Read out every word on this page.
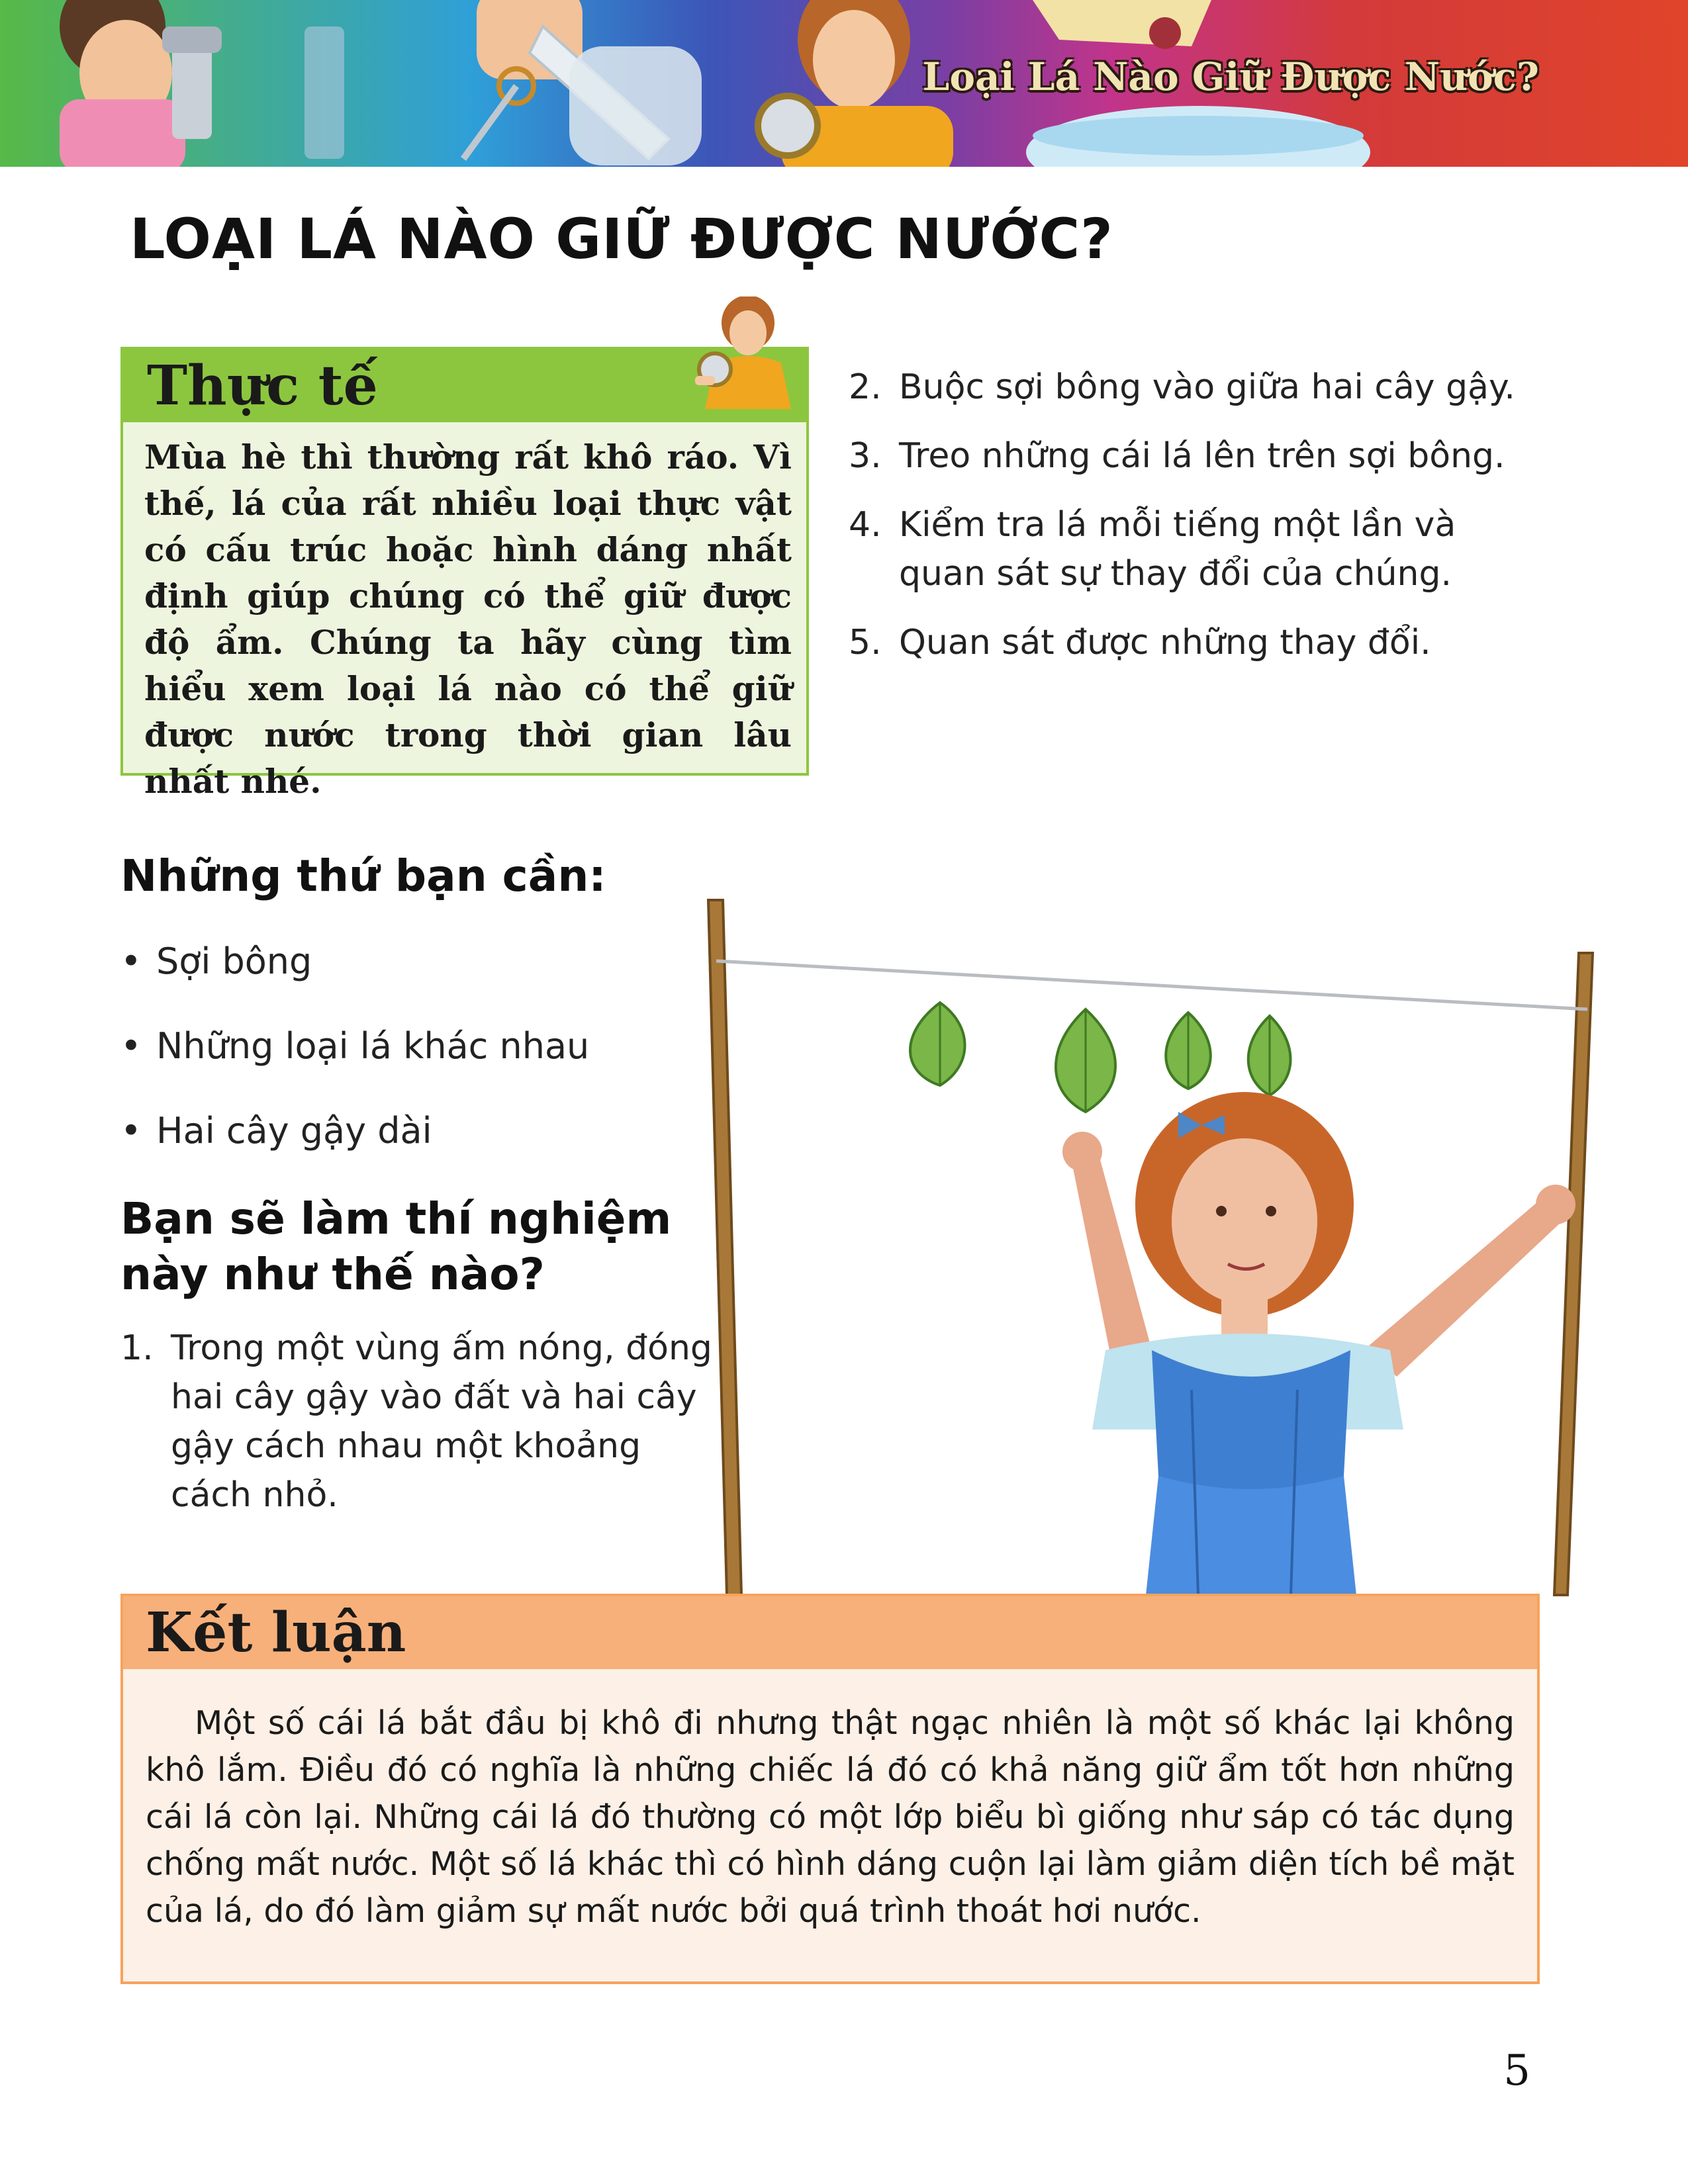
Loại Lá Nào Giữ Được Nước?
LOẠI LÁ NÀO GIỮ ĐƯỢC NƯỚC?
Thực tế

Mùa hè thì thường rất khô ráo. Vì thế, lá của rất nhiều loại thực vật có cấu trúc hoặc hình dáng nhất định giúp chúng có thể giữ được độ ẩm. Chúng ta hãy cùng tìm hiểu xem loại lá nào có thể giữ được nước trong thời gian lâu nhất nhé.

2. Buộc sợi bông vào giữa hai cây gậy.
3. Treo những cái lá lên trên sợi bông.
4. Kiểm tra lá mỗi tiếng một lần và quan sát sự thay đổi của chúng.
5. Quan sát được những thay đổi.
Những thứ bạn cần:
• Sợi bông
• Những loại lá khác nhau
• Hai cây gậy dài
Bạn sẽ làm thí nghiệm này như thế nào?
1. Trong một vùng ấm nóng, đóng hai cây gậy vào đất và hai cây gậy cách nhau một khoảng cách nhỏ.
Kết luận

Một số cái lá bắt đầu bị khô đi nhưng thật ngạc nhiên là một số khác lại không khô lắm. Điều đó có nghĩa là những chiếc lá đó có khả năng giữ ẩm tốt hơn những cái lá còn lại. Những cái lá đó thường có một lớp biểu bì giống như sáp có tác dụng chống mất nước. Một số lá khác thì có hình dáng cuộn lại làm giảm diện tích bề mặt của lá, do đó làm giảm sự mất nước bởi quá trình thoát hơi nước.

5
